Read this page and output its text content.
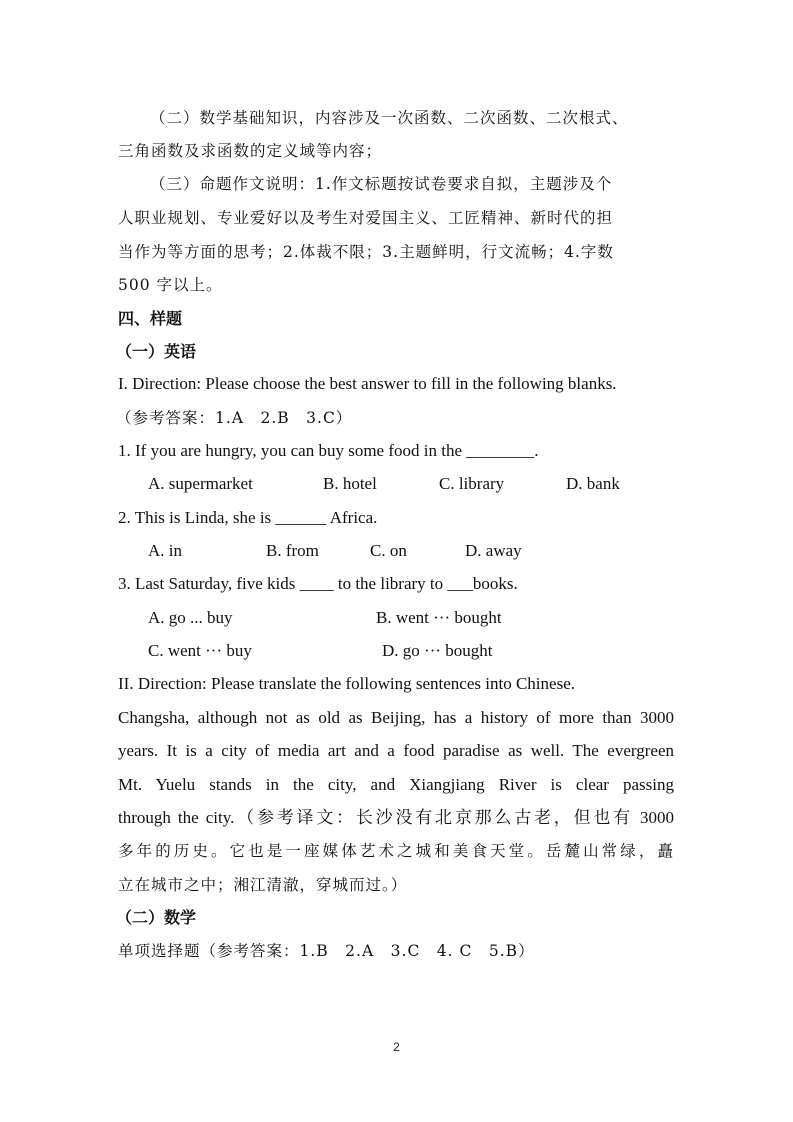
（二）数学基础知识，内容涉及一次函数、二次函数、二次根式、
三角函数及求函数的定义域等内容；
（三）命题作文说明：1.作文标题按试卷要求自拟，主题涉及个
人职业规划、专业爱好以及考生对爱国主义、工匠精神、新时代的担
当作为等方面的思考；2.体裁不限；3.主题鲜明，行文流畅；4.字数
500 字以上。
四、样题
（一）英语
I. Direction: Please choose the best answer to fill in the following blanks.
（参考答案：1.A　2.B　3.C）
1. If you are hungry, you can buy some food in the ________.
A. supermarket	B. hotel	C. library	D. bank
2. This is Linda, she is ______ Africa.
A. in	B. from	C. on	D. away
3. Last Saturday, five kids ____ to the library to ___books.
A. go ... buy	B. went ··· bought
C. went ··· buy	D. go ··· bought
II. Direction: Please translate the following sentences into Chinese.
Changsha, although not as old as Beijing, has a history of more than 3000
years. It is a city of media art and a food paradise as well. The evergreen
Mt. Yuelu stands in the city, and Xiangjiang River is clear passing
through the city.（参考译文：长沙没有北京那么古老，但也有 3000
多年的历史。它也是一座媒体艺术之城和美食天堂。岳麓山常绿，矗
立在城市之中；湘江清澈，穿城而过。）
（二）数学
单项选择题（参考答案：1.B　2.A　3.C　4. C　5.B）
2
